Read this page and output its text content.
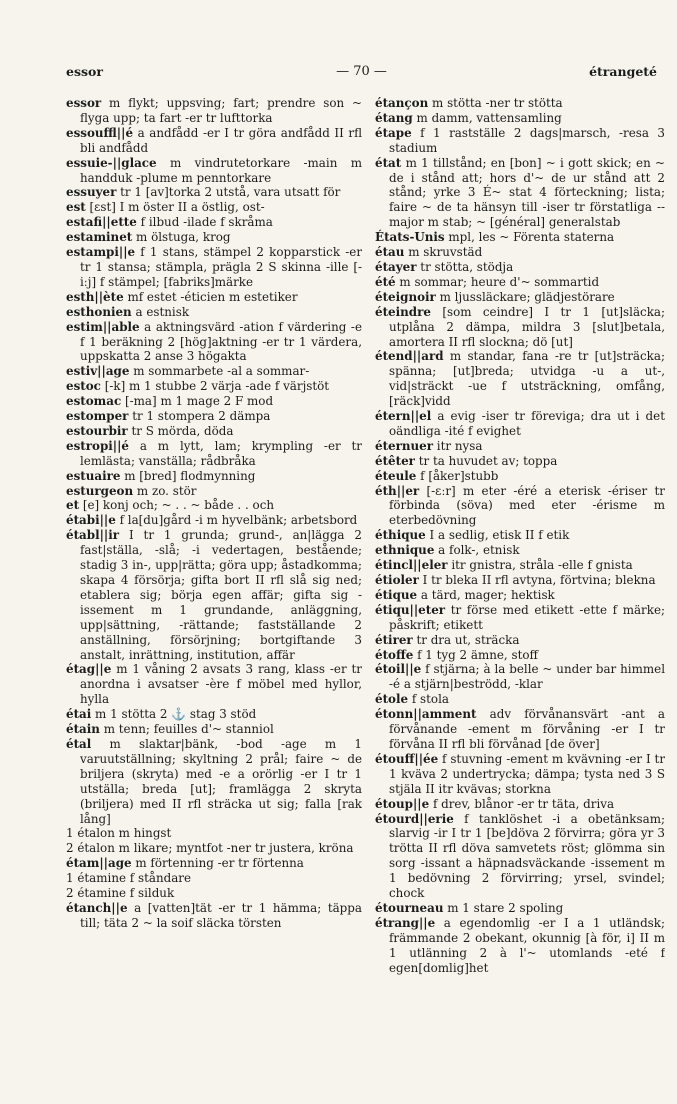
essor	— 70 —	étrangeté

essor m flykt; uppsving; fart; prendre son ~ flyga upp; ta fart -er tr lufttorka

essouffl||é a andfådd -er I tr göra andfådd II rfl bli andfådd

essuie-||glace m vindrutetorkare -main m handduk -plume m penntorkare

essuyer tr 1 [av]torka 2 utstå, vara utsatt för

est [ɛst] I m öster II a östlig, ost-

estafi||ette f ilbud -ilade f skråma

estaminet m ölstuga, krog

estampi||e f 1 stans, stämpel 2 kopparstick -er tr 1 stansa; stämpla, prägla 2 S skinna -ille [-iːj] f stämpel; [fabriks]märke

esth||ète mf estet -éticien m estetiker

esthonien a estnisk

estim||able a aktningsvärd -ation f värdering -e f 1 beräkning 2 [hög]aktning -er tr 1 värdera, uppskatta 2 anse 3 högakta

estiv||age m sommarbete -al a sommar-

estoc [-k] m 1 stubbe 2 värja -ade f värjstöt

estomac [-ma] m 1 mage 2 F mod

estomper tr 1 stompera 2 dämpa

estourbir tr S mörda, döda

estropi||é a m lytt, lam; krympling -er tr lemlästa; vanställa; rådbråka

estuaire m [bred] flodmynning

esturgeon m zo. stör

et [e] konj och; ~ . . ~ både . . och

étabi||e f la[du]gård -i m hyvelbänk; arbetsbord

établ||ir I tr 1 grunda; grund-, an|lägga 2 fast|ställa, -slå; -i vedertagen, bestående; stadig 3 in-, upp|rätta; göra upp; åstadkomma; skapa 4 försörja; gifta bort II rfl slå sig ned; etablera sig; börja egen affär; gifta sig -issement m 1 grundande, anläggning, upp|sättning, -rättande; fastställande 2 anställning, försörjning; bortgiftande 3 anstalt, inrättning, institution, affär

étag||e m 1 våning 2 avsats 3 rang, klass -er tr anordna i avsatser -ère f möbel med hyllor, hylla

étai m 1 stötta 2 ⚓ stag 3 stöd

étain m tenn; feuilles d'~ stanniol

étal m slaktar|bänk, -bod -age m 1 varuutställning; skyltning 2 prål; faire ~ de briljera (skryta) med -e a orörlig -er I tr 1 utställa; breda [ut]; framlägga 2 skryta (briljera) med II rfl sträcka ut sig; falla [rak lång]

1 étalon m hingst

2 étalon m likare; myntfot -ner tr justera, kröna

étam||age m förtenning -er tr förtenna

1 étamine f ståndare

2 étamine f silduk

étanch||e a [vatten]tät -er tr 1 hämma; täppa till; täta 2 ~ la soif släcka törsten

étançon m stötta -ner tr stötta

étang m damm, vattensamling

étape f 1 rastställe 2 dags|marsch, -resa 3 stadium

état m 1 tillstånd; en [bon] ~ i gott skick; en ~ de i stånd att; hors d'~ de ur stånd att 2 stånd; yrke 3 É~ stat 4 förteckning; lista; faire ~ de ta hänsyn till -iser tr förstatliga --major m stab; ~ [général] generalstab

États-Unis mpl, les ~ Förenta staterna

étau m skruvstäd

étayer tr stötta, stödja

été m sommar; heure d'~ sommartid

éteignoir m ljussläckare; glädjestörare

éteindre [som ceindre] I tr 1 [ut]släcka; utplåna 2 dämpa, mildra 3 [slut]betala, amortera II rfl slockna; dö [ut]

étend||ard m standar, fana -re tr [ut]sträcka; spänna; [ut]breda; utvidga -u a ut-, vid|sträckt -ue f utsträckning, omfång, [räck]vidd

étern||el a evig -iser tr föreviga; dra ut i det oändliga -ité f evighet

éternuer itr nysa

étêter tr ta huvudet av; toppa

éteule f [åker]stubb

éth||er [-ɛːr] m eter -éré a eterisk -ériser tr förbinda (söva) med eter -érisme m eterbedövning

éthique I a sedlig, etisk II f etik

ethnique a folk-, etnisk

étincl||eler itr gnistra, stråla -elle f gnista

étioler I tr bleka II rfl avtyna, förtvina; blekna

étique a tärd, mager; hektisk

étiqu||eter tr förse med etikett -ette f märke; påskrift; etikett

étirer tr dra ut, sträcka

étoffe f 1 tyg 2 ämne, stoff

étoil||e f stjärna; à la belle ~ under bar himmel -é a stjärn|beströdd, -klar

étole f stola

étonn||amment adv förvånansvärt -ant a förvånande -ement m förvåning -er I tr förvåna II rfl bli förvånad [de över]

étouff||ée f stuvning -ement m kvävning -er I tr 1 kväva 2 undertrycka; dämpa; tysta ned 3 S stjäla II itr kvävas; storkna

étoup||e f drev, blånor -er tr täta, driva

étourd||erie f tanklöshet -i a obetänksam; slarvig -ir I tr 1 [be]döva 2 förvirra; göra yr 3 trötta II rfl döva samvetets röst; glömma sin sorg -issant a häpnadsväckande -issement m 1 bedövning 2 förvirring; yrsel, svindel; chock

étourneau m 1 stare 2 spoling

étrang||e a egendomlig -er I a 1 utländsk; främmande 2 obekant, okunnig [à för, i] II m 1 utlänning 2 à l'~ utomlands -eté f egen[domlig]het
